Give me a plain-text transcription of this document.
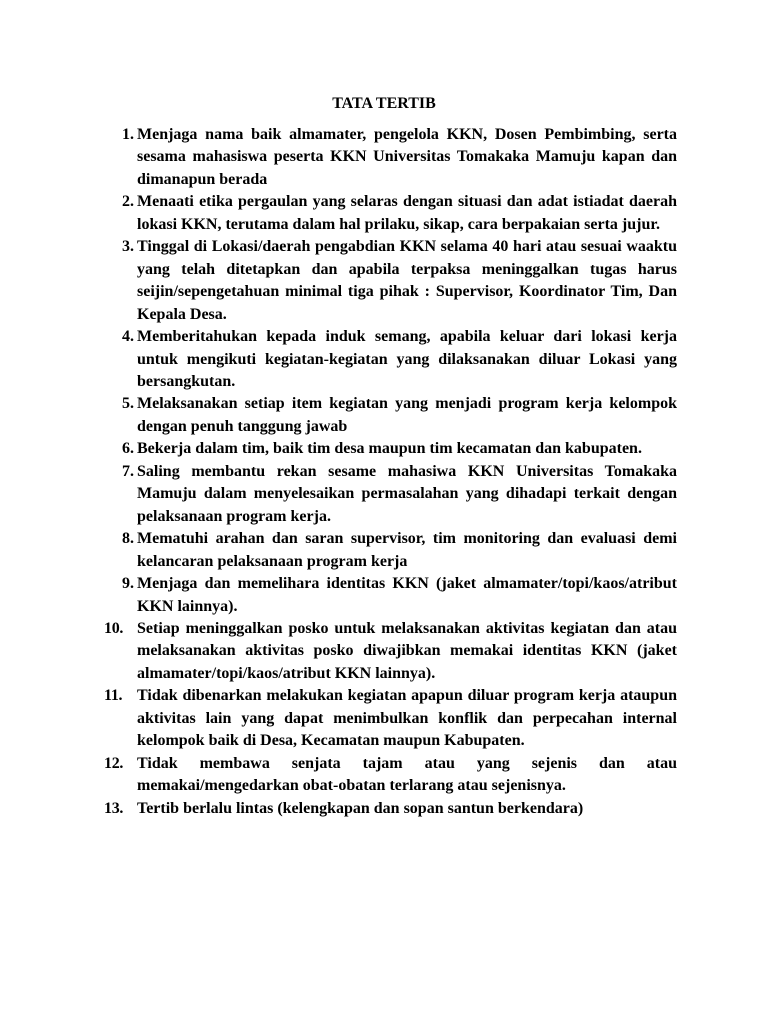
TATA TERTIB
1. Menjaga nama baik almamater, pengelola KKN, Dosen Pembimbing, serta sesama mahasiswa peserta KKN Universitas Tomakaka Mamuju kapan dan dimanapun berada
2. Menaati etika pergaulan yang selaras dengan situasi dan adat istiadat daerah lokasi KKN, terutama dalam hal prilaku, sikap, cara berpakaian serta jujur.
3. Tinggal di Lokasi/daerah pengabdian KKN selama 40 hari atau sesuai waaktu yang telah ditetapkan dan apabila terpaksa meninggalkan tugas harus seijin/sepengetahuan minimal tiga pihak : Supervisor, Koordinator Tim, Dan Kepala Desa.
4. Memberitahukan kepada induk semang, apabila keluar dari lokasi kerja untuk mengikuti kegiatan-kegiatan yang dilaksanakan diluar Lokasi yang bersangkutan.
5. Melaksanakan setiap item kegiatan yang menjadi program kerja kelompok dengan penuh tanggung jawab
6. Bekerja dalam tim, baik tim desa maupun tim kecamatan dan kabupaten.
7. Saling membantu rekan sesame mahasiwa KKN Universitas Tomakaka Mamuju dalam menyelesaikan permasalahan yang dihadapi terkait dengan pelaksanaan program kerja.
8. Mematuhi arahan dan saran supervisor, tim monitoring dan evaluasi demi kelancaran pelaksanaan program kerja
9. Menjaga dan memelihara identitas KKN (jaket almamater/topi/kaos/atribut KKN lainnya).
10. Setiap meninggalkan posko untuk melaksanakan aktivitas kegiatan dan atau melaksanakan aktivitas posko diwajibkan memakai identitas KKN (jaket almamater/topi/kaos/atribut KKN lainnya).
11. Tidak dibenarkan melakukan kegiatan apapun diluar program kerja ataupun aktivitas lain yang dapat menimbulkan konflik dan perpecahan internal kelompok baik di Desa, Kecamatan maupun Kabupaten.
12. Tidak membawa senjata tajam atau yang sejenis dan atau memakai/mengedarkan obat-obatan terlarang atau sejenisnya.
13. Tertib berlalu lintas (kelengkapan dan sopan santun berkendara)
